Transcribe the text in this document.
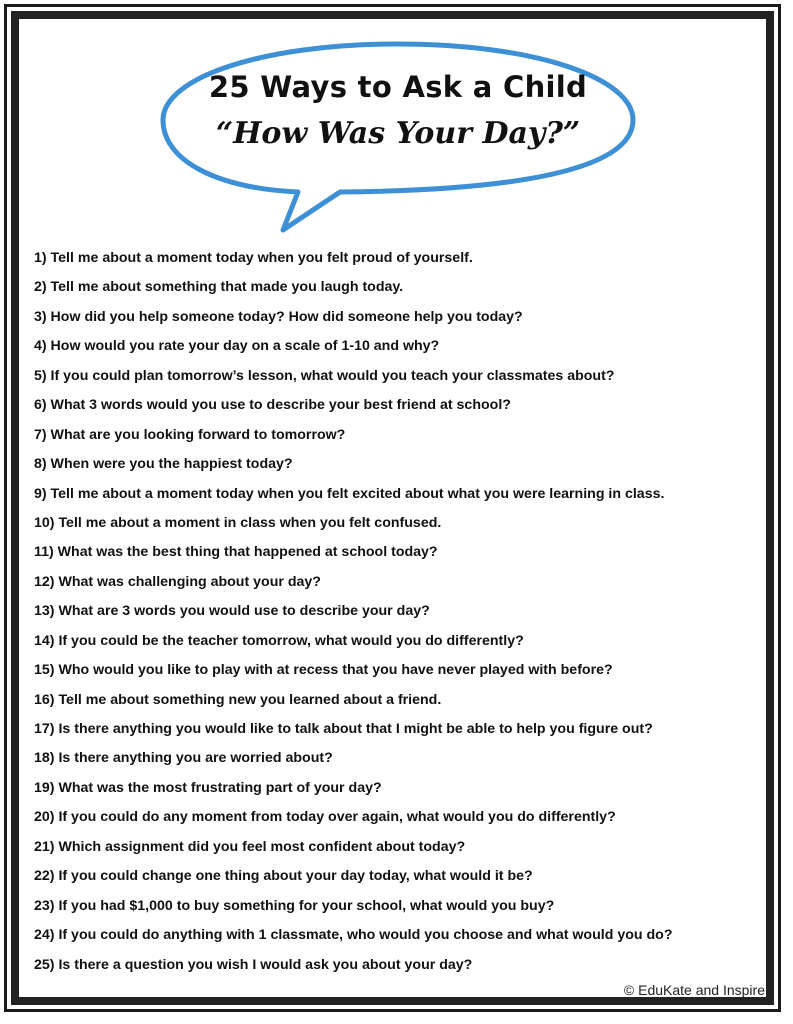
25 Ways to Ask a Child
“How Was Your Day?”
1) Tell me about a moment today when you felt proud of yourself.
2) Tell me about something that made you laugh today.
3) How did you help someone today? How did someone help you today?
4) How would you rate your day on a scale of 1-10 and why?
5) If you could plan tomorrow’s lesson, what would you teach your classmates about?
6) What 3 words would you use to describe your best friend at school?
7) What are you looking forward to tomorrow?
8) When were you the happiest today?
9) Tell me about a moment today when you felt excited about what you were learning in class.
10) Tell me about a moment in class when you felt confused.
11) What was the best thing that happened at school today?
12) What was challenging about your day?
13) What are 3 words you would use to describe your day?
14) If you could be the teacher tomorrow, what would you do differently?
15) Who would you like to play with at recess that you have never played with before?
16) Tell me about something new you learned about a friend.
17) Is there anything you would like to talk about that I might be able to help you figure out?
18) Is there anything you are worried about?
19) What was the most frustrating part of your day?
20) If you could do any moment from today over again, what would you do differently?
21) Which assignment did you feel most confident about today?
22) If you could change one thing about your day today, what would it be?
23) If you had $1,000 to buy something for your school, what would you buy?
24) If you could do anything with 1 classmate, who would you choose and what would you do?
25) Is there a question you wish I would ask you about your day?
© EduKate and Inspire
